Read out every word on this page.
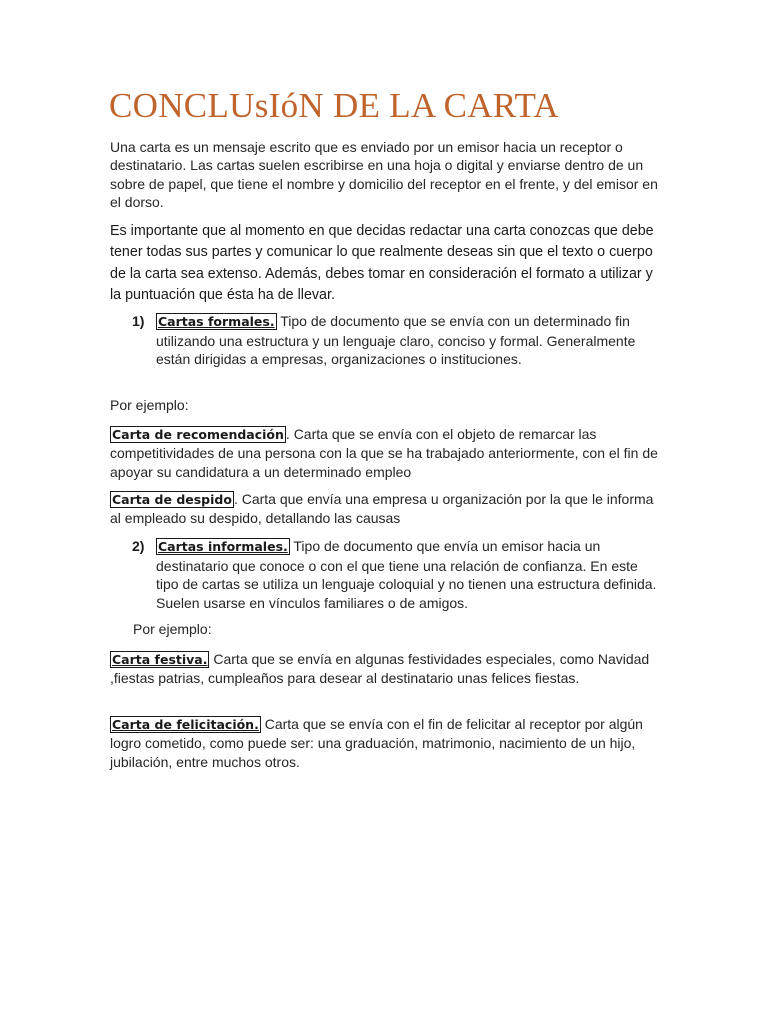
CONCLUsIóN DE LA CARTA

Una carta es un mensaje escrito que es enviado por un emisor hacia un receptor o destinatario. Las cartas suelen escribirse en una hoja o digital y enviarse dentro de un sobre de papel, que tiene el nombre y domicilio del receptor en el frente, y del emisor en el dorso.

Es importante que al momento en que decidas redactar una carta conozcas que debe tener todas sus partes y comunicar lo que realmente deseas sin que el texto o cuerpo de la carta sea extenso. Además, debes tomar en consideración el formato a utilizar y la puntuación que ésta ha de llevar.

1) Cartas formales. Tipo de documento que se envía con un determinado fin utilizando una estructura y un lenguaje claro, conciso y formal. Generalmente están dirigidas a empresas, organizaciones o instituciones.
Por ejemplo:

Carta de recomendación . Carta que se envía con el objeto de remarcar las competitividades de una persona con la que se ha trabajado anteriormente, con el fin de apoyar su candidatura a un determinado empleo

Carta de despido . Carta que envía una empresa u organización por la que le informa al empleado su despido, detallando las causas

2) Cartas informales. Tipo de documento que envía un emisor hacia un destinatario que conoce o con el que tiene una relación de confianza. En este tipo de cartas se utiliza un lenguaje coloquial y no tienen una estructura definida. Suelen usarse en vínculos familiares o de amigos.
Por ejemplo:

Carta festiva. Carta que se envía en algunas festividades especiales, como Navidad ,fiestas patrias, cumpleaños para desear al destinatario unas felices fiestas.

Carta de felicitación. Carta que se envía con el fin de felicitar al receptor por algún logro cometido, como puede ser: una graduación, matrimonio, nacimiento de un hijo, jubilación, entre muchos otros.
